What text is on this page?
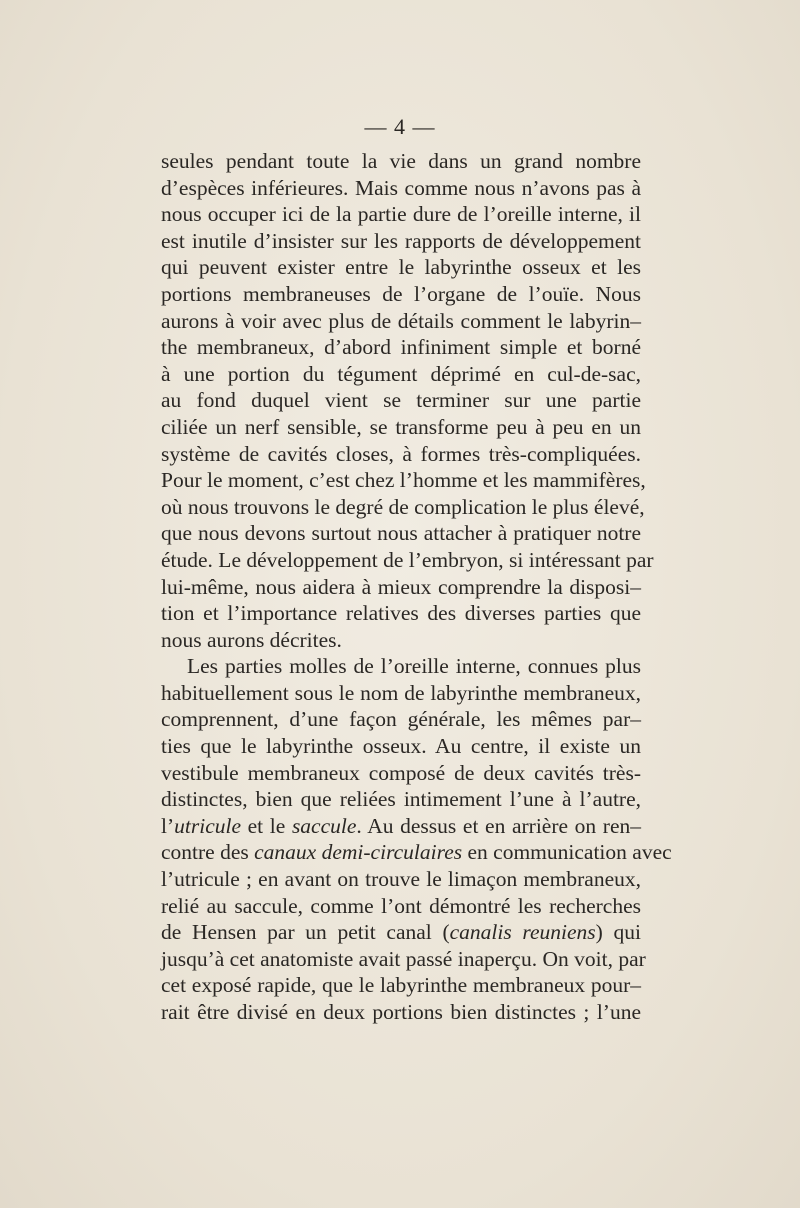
— 4 —
seules pendant toute la vie dans un grand nombre
d’espèces inférieures. Mais comme nous n’avons pas à
nous occuper ici de la partie dure de l’oreille interne, il
est inutile d’insister sur les rapports de développement
qui peuvent exister entre le labyrinthe osseux et les
portions membraneuses de l’organe de l’ouïe. Nous
aurons à voir avec plus de détails comment le labyrin–
the membraneux, d’abord infiniment simple et borné
à une portion du tégument déprimé en cul-de-sac,
au fond duquel vient se terminer sur une partie
ciliée un nerf sensible, se transforme peu à peu en un
système de cavités closes, à formes très-compliquées.
Pour le moment, c’est chez l’homme et les mammifères,
où nous trouvons le degré de complication le plus élevé,
que nous devons surtout nous attacher à pratiquer notre
étude. Le développement de l’embryon, si intéressant par
lui-même, nous aidera à mieux comprendre la disposi–
tion et l’importance relatives des diverses parties que
nous aurons décrites.
Les parties molles de l’oreille interne, connues plus
habituellement sous le nom de labyrinthe membraneux,
comprennent, d’une façon générale, les mêmes par–
ties que le labyrinthe osseux. Au centre, il existe un
vestibule membraneux composé de deux cavités très-
distinctes, bien que reliées intimement l’une à l’autre,
l’utricule et le saccule. Au dessus et en arrière on ren–
contre des canaux demi-circulaires en communication avec
l’utricule ; en avant on trouve le limaçon membraneux,
relié au saccule, comme l’ont démontré les recherches
de Hensen par un petit canal (canalis reuniens) qui
jusqu’à cet anatomiste avait passé inaperçu. On voit, par
cet exposé rapide, que le labyrinthe membraneux pour–
rait être divisé en deux portions bien distinctes ; l’une
